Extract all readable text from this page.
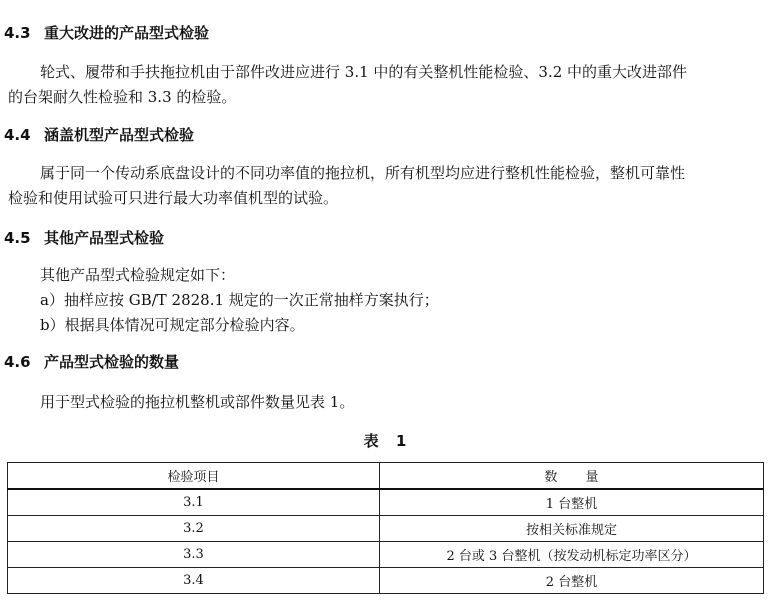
4.3 重大改进的产品型式检验
轮式、履带和手扶拖拉机由于部件改进应进行 3.1 中的有关整机性能检验、3.2 中的重大改进部件
的台架耐久性检验和 3.3 的检验。
4.4 涵盖机型产品型式检验
属于同一个传动系底盘设计的不同功率值的拖拉机，所有机型均应进行整机性能检验，整机可靠性
检验和使用试验可只进行最大功率值机型的试验。
4.5 其他产品型式检验
其他产品型式检验规定如下：
a）抽样应按 GB/T 2828.1 规定的一次正常抽样方案执行；
b）根据具体情况可规定部分检验内容。
4.6 产品型式检验的数量
用于型式检验的拖拉机整机或部件数量见表 1。
表 1
检验项目	数 量
3.1	1 台整机
3.2	按相关标准规定
3.3	2 台或 3 台整机（按发动机标定功率区分）
3.4	2 台整机
